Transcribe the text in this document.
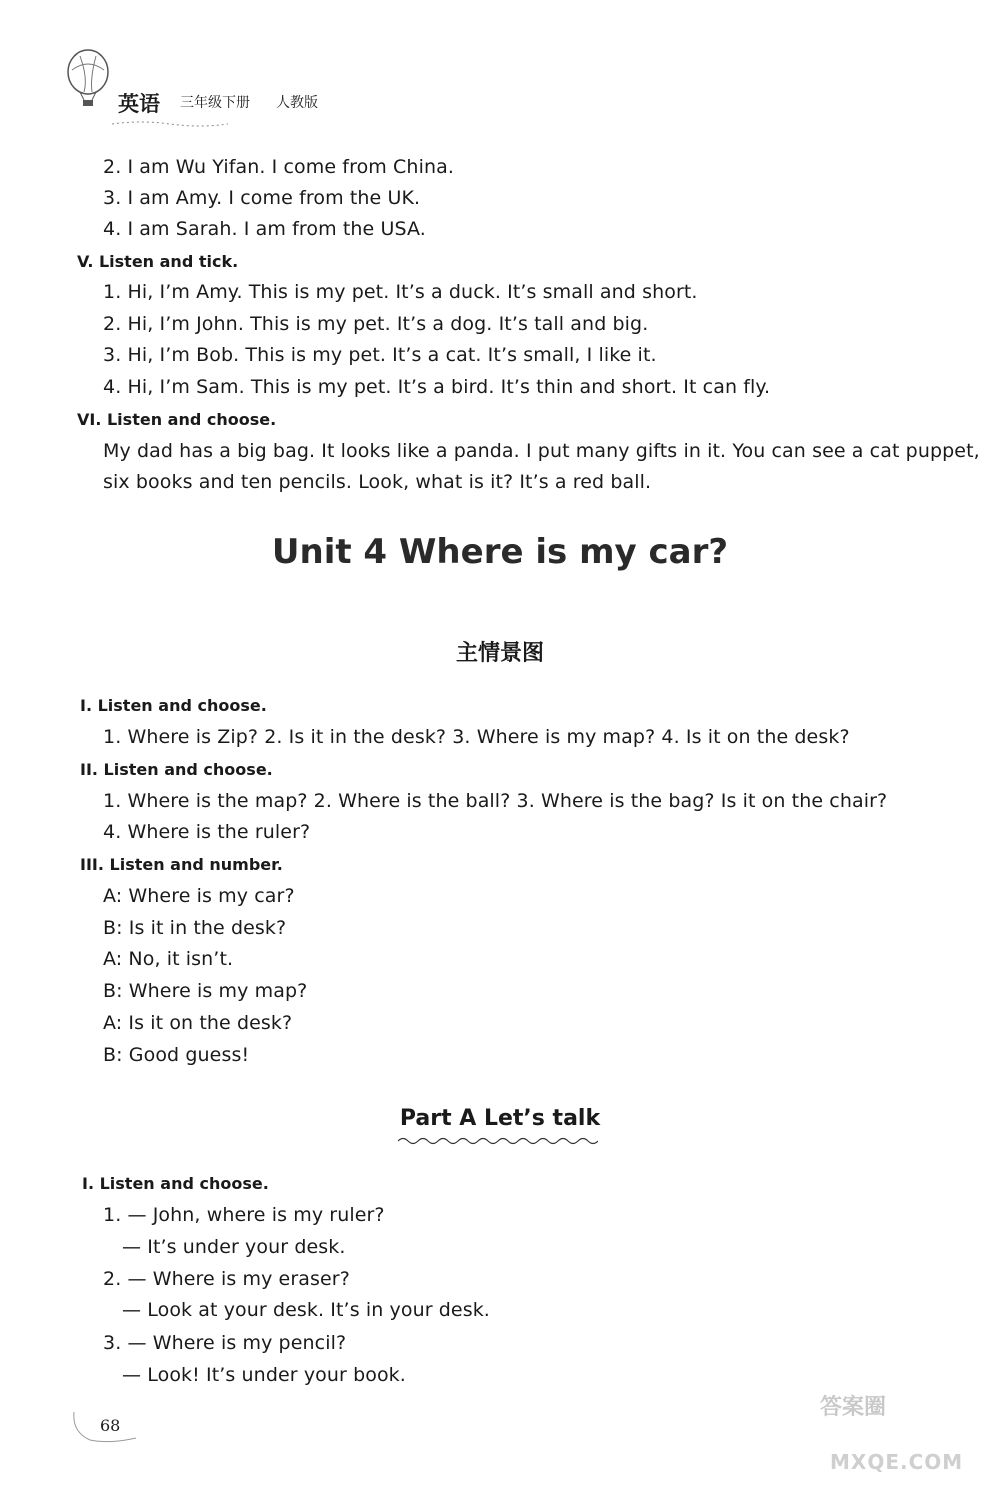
英语 三年级下册 人教版
2. I am Wu Yifan. I come from China.
3. I am Amy. I come from the UK.
4. I am Sarah. I am from the USA.
V. Listen and tick.
1. Hi, I’m Amy. This is my pet. It’s a duck. It’s small and short.
2. Hi, I’m John. This is my pet. It’s a dog. It’s tall and big.
3. Hi, I’m Bob. This is my pet. It’s a cat. It’s small, I like it.
4. Hi, I’m Sam. This is my pet. It’s a bird. It’s thin and short. It can fly.
VI. Listen and choose.
My dad has a big bag. It looks like a panda. I put many gifts in it. You can see a cat puppet,
six books and ten pencils. Look, what is it? It’s a red ball.
Unit 4 Where is my car?
主情景图
I. Listen and choose.
1. Where is Zip? 2. Is it in the desk? 3. Where is my map? 4. Is it on the desk?
II. Listen and choose.
1. Where is the map? 2. Where is the ball? 3. Where is the bag? Is it on the chair?
4. Where is the ruler?
III. Listen and number.
A: Where is my car?
B: Is it in the desk?
A: No, it isn’t.
B: Where is my map?
A: Is it on the desk?
B: Good guess!
Part A Let’s talk
I. Listen and choose.
1. — John, where is my ruler?
— It’s under your desk.
2. — Where is my eraser?
— Look at your desk. It’s in your desk.
3. — Where is my pencil?
— Look! It’s under your book.
68
答案圈
MXQE.COM
